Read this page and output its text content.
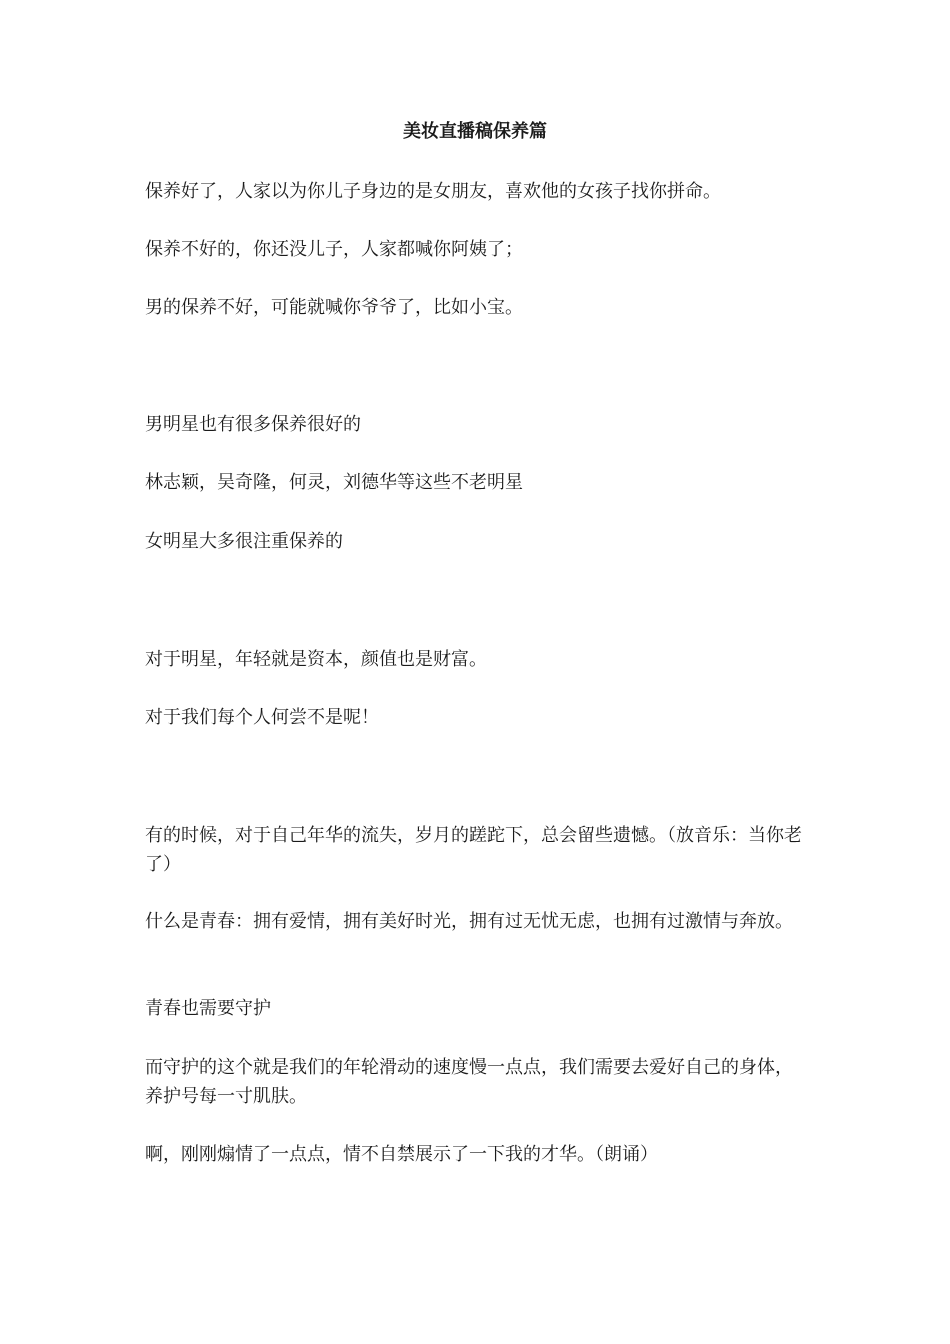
美妆直播稿保养篇

保养好了，人家以为你儿子身边的是女朋友，喜欢他的女孩子找你拼命。

保养不好的，你还没儿子，人家都喊你阿姨了；

男的保养不好，可能就喊你爷爷了，比如小宝。

男明星也有很多保养很好的

林志颖，吴奇隆，何灵，刘德华等这些不老明星

女明星大多很注重保养的

对于明星，年轻就是资本，颜值也是财富。

对于我们每个人何尝不是呢！

有的时候，对于自己年华的流失，岁月的蹉跎下，总会留些遗憾。（放音乐：当你老了）

什么是青春：拥有爱情，拥有美好时光，拥有过无忧无虑，也拥有过激情与奔放。

青春也需要守护

而守护的这个就是我们的年轮滑动的速度慢一点点，我们需要去爱好自己的身体，养护号每一寸肌肤。

啊，刚刚煽情了一点点，情不自禁展示了一下我的才华。（朗诵）
